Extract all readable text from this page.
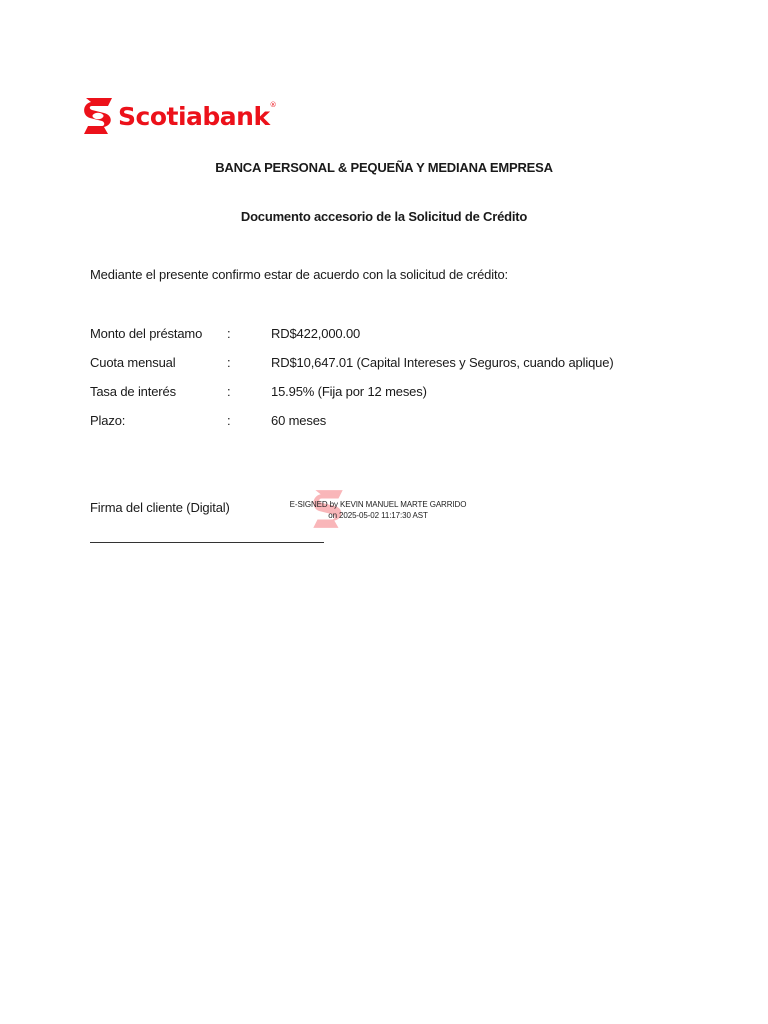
Scotiabank®
BANCA PERSONAL & PEQUEÑA Y MEDIANA EMPRESA
Documento accesorio de la Solicitud de Crédito
Mediante el presente confirmo estar de acuerdo con la solicitud de crédito:
Monto del préstamo :	RD$422,000.00
Cuota mensual	:	RD$10,647.01 (Capital Intereses y Seguros, cuando aplique)
Tasa de interés	:	15.95% (Fija por 12 meses)
Plazo:	:	60 meses
Firma del cliente (Digital)	E-SIGNED by KEVIN MANUEL MARTE GARRIDO
on 2025-05-02 11:17:30 AST
